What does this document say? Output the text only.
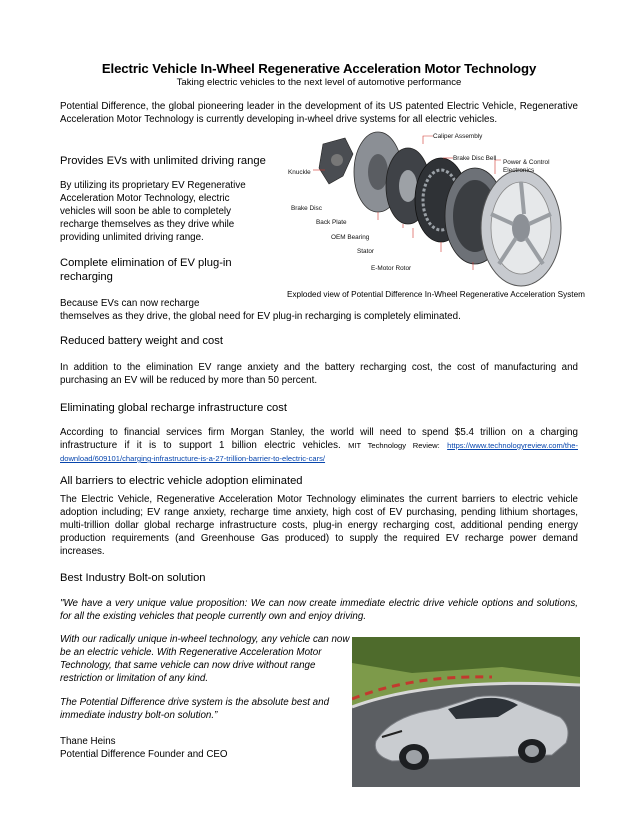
Electric Vehicle In-Wheel Regenerative Acceleration Motor Technology
Taking electric vehicles to the next level of automotive performance
Potential Difference, the global pioneering leader in the development of its US patented Electric Vehicle, Regenerative Acceleration Motor Technology is currently developing in-wheel drive systems for all electric vehicles.
Caliper Assembly
Brake Disc Bell
Power & Control
Electronics
Knuckle
Brake Disc
Back Plate
OEM Bearing
Stator
E-Motor Rotor
Exploded view of Potential Difference In-Wheel Regenerative Acceleration System
Provides EVs with unlimited driving range
By utilizing its proprietary EV Regenerative Acceleration Motor Technology, electric vehicles will soon be able to completely recharge themselves as they drive while providing unlimited driving range.
Complete elimination of EV plug-in recharging
Because EVs can now recharge
themselves as they drive, the global need for EV plug-in recharging is completely eliminated.
Reduced battery weight and cost
In addition to the elimination EV range anxiety and the battery recharging cost, the cost of manufacturing and purchasing an EV will be reduced by more than 50 percent.
Eliminating global recharge infrastructure cost
According to financial services firm Morgan Stanley, the world will need to spend $5.4 trillion on a charging infrastructure if it is to support 1 billion electric vehicles. MIT Technology Review: https://www.technologyreview.com/the-download/609101/charging-infrastructure-is-a-27-trillion-barrier-to-electric-cars/
All barriers to electric vehicle adoption eliminated
The Electric Vehicle, Regenerative Acceleration Motor Technology eliminates the current barriers to electric vehicle adoption including; EV range anxiety, recharge time anxiety, high cost of EV purchasing, pending lithium shortages, multi-trillion dollar global recharge infrastructure costs, plug-in energy recharging cost, additional pending energy production requirements (and Greenhouse Gas produced) to supply the required EV recharge power demand increases.
Best Industry Bolt-on solution
"We have a very unique value proposition: We can now create immediate electric drive vehicle options and solutions, for all the existing vehicles that people currently own and enjoy driving.
With our radically unique in-wheel technology, any vehicle can now be an electric vehicle. With Regenerative Acceleration Motor Technology, that same vehicle can now drive without range restriction or limitation of any kind.
The Potential Difference drive system is the absolute best and immediate industry bolt-on solution.”
Thane Heins
Potential Difference Founder and CEO
